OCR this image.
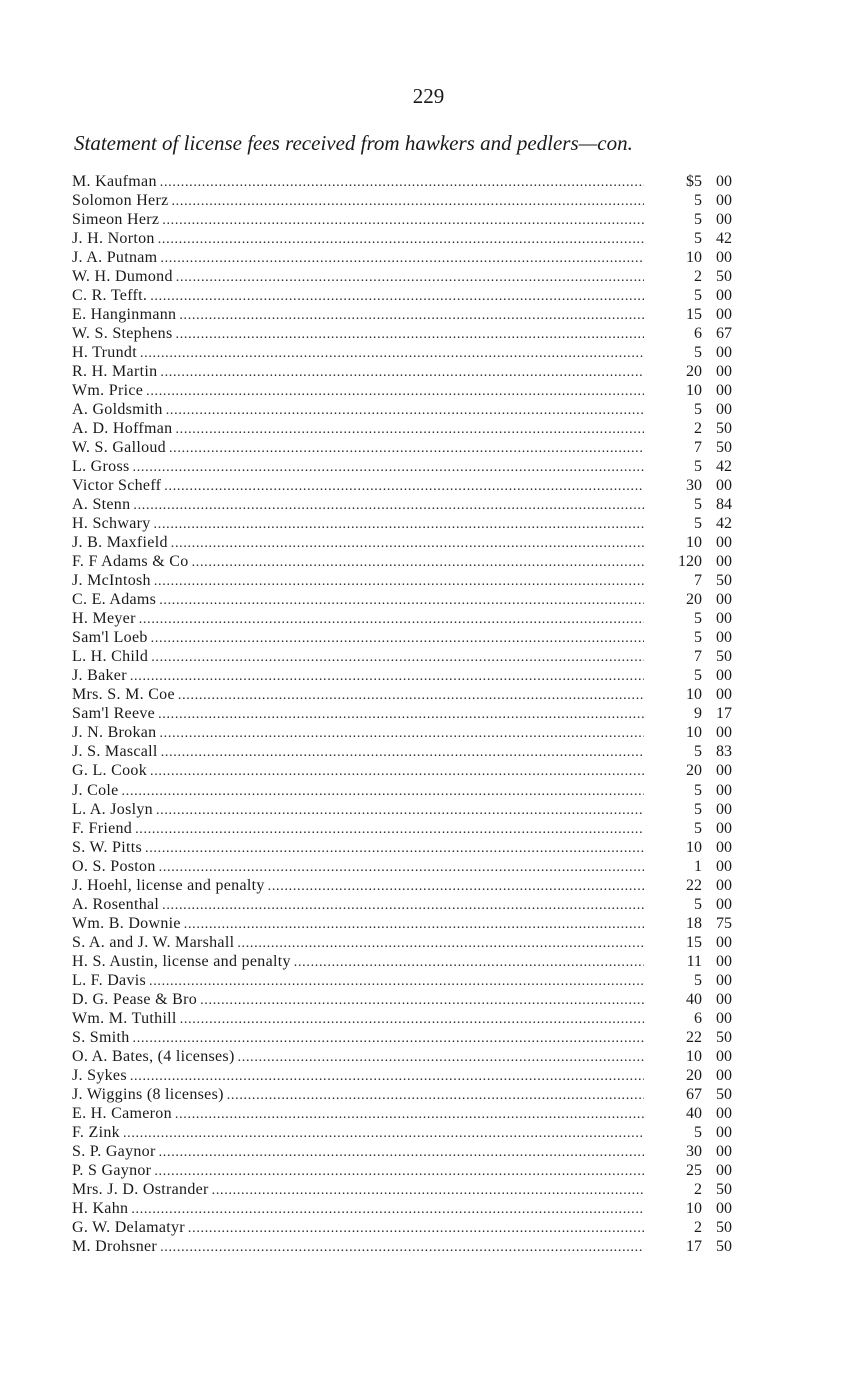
229
Statement of license fees received from hawkers and pedlers—con.
M. Kaufman . . .	$5 00
Solomon Herz . . .	5 00
Simeon Herz . . .	5 00
J. H. Norton . . .	5 42
J. A. Putnam . . .	10 00
W. H. Dumond . . .	2 50
C. R. Tefft. . . .	5 00
E. Hanginmann . . .	15 00
W. S. Stephens . . .	6 67
H. Trundt . . .	5 00
R. H. Martin . . .	20 00
Wm. Price . . .	10 00
A. Goldsmith . . .	5 00
A. D. Hoffman . . .	2 50
W. S. Galloud . . .	7 50
L. Gross . . .	5 42
Victor Scheff . . .	30 00
A. Stenn . . .	5 84
H. Schwary . . .	5 42
J. B. Maxfield . . .	10 00
F. F Adams & Co . . .	120 00
J. McIntosh . . .	7 50
C. E. Adams . . .	20 00
H. Meyer . . .	5 00
Sam'l Loeb . . .	5 00
L. H. Child . . .	7 50
J. Baker . . .	5 00
Mrs. S. M. Coe . . .	10 00
Sam'l Reeve . . .	9 17
J. N. Brokan . . .	10 00
J. S. Mascall . . .	5 83
G. L. Cook . . .	20 00
J. Cole . . .	5 00
L. A. Joslyn . . .	5 00
F. Friend . . .	5 00
S. W. Pitts . . .	10 00
O. S. Poston . . .	1 00
J. Hoehl, license and penalty . . .	22 00
A. Rosenthal . . .	5 00
Wm. B. Downie . . .	18 75
S. A. and J. W. Marshall . . .	15 00
H. S. Austin, license and penalty . . .	11 00
L. F. Davis . . .	5 00
D. G. Pease & Bro . . .	40 00
Wm. M. Tuthill . . .	6 00
S. Smith . . .	22 50
O. A. Bates, (4 licenses) . . .	10 00
J. Sykes . . .	20 00
J. Wiggins (8 licenses) . . .	67 50
E. H. Cameron . . .	40 00
F. Zink . . .	5 00
S. P. Gaynor . . .	30 00
P. S Gaynor . . .	25 00
Mrs. J. D. Ostrander . . .	2 50
H. Kahn . . .	10 00
G. W. Delamatyr . . .	2 50
M. Drohsner . . .	17 50
